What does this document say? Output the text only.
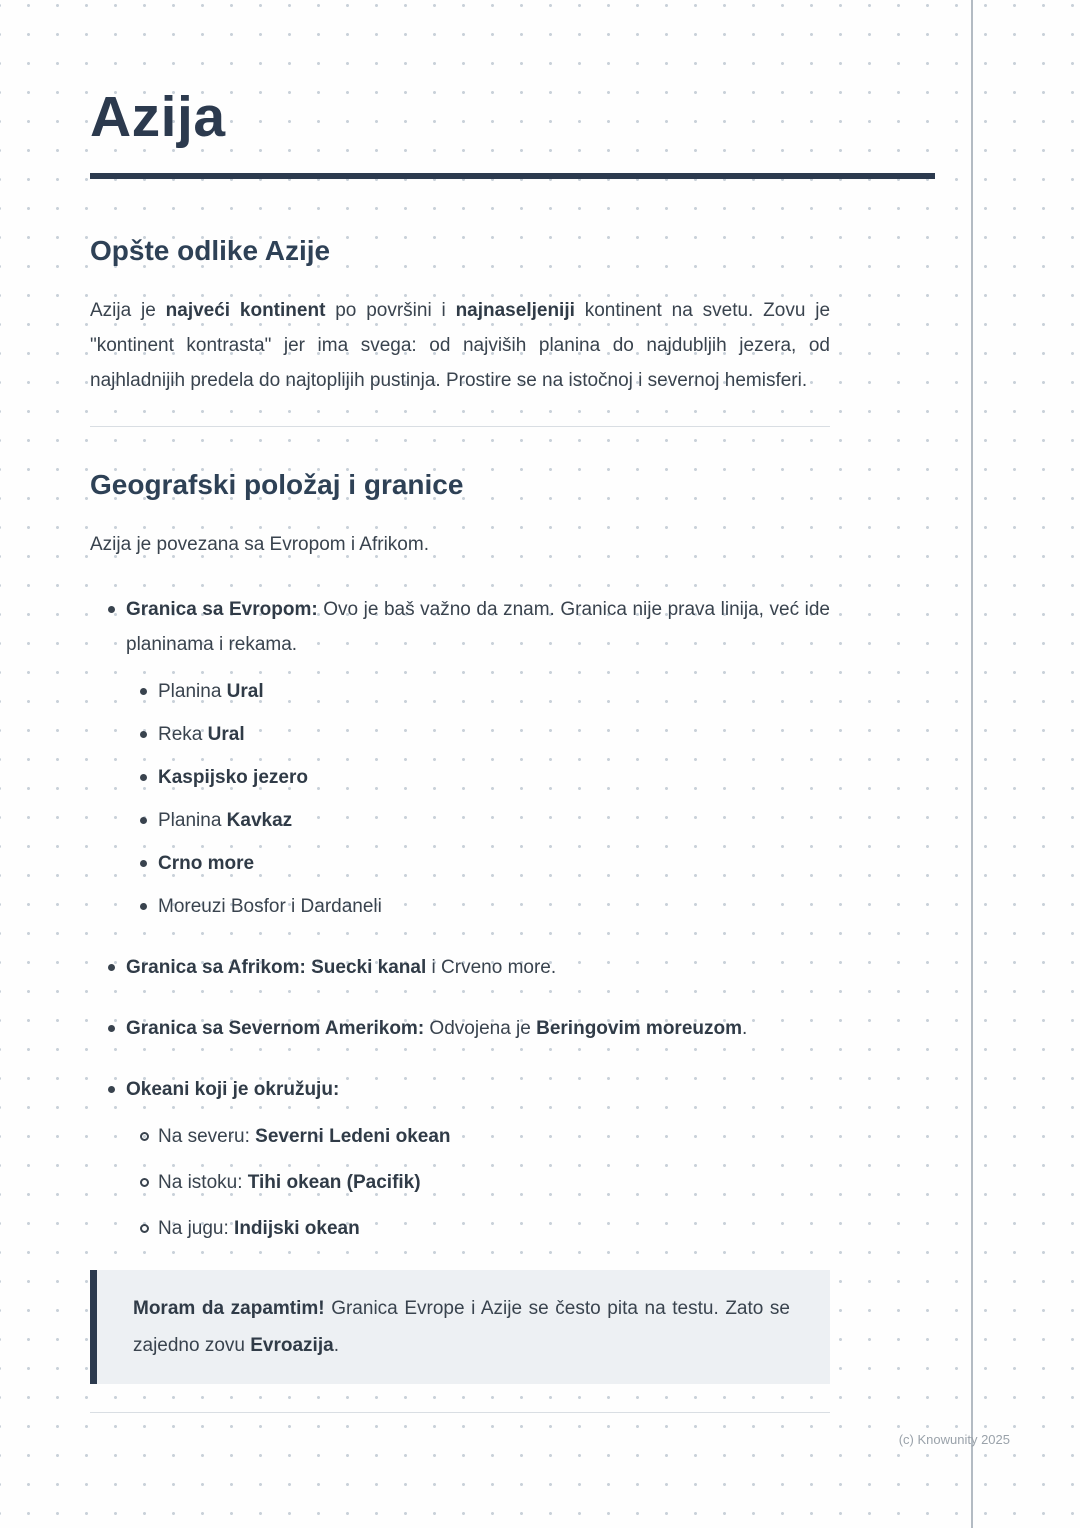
Azija
Opšte odlike Azije

Azija je najveći kontinent po površini i najnaseljeniji kontinent na svetu. Zovu je "kontinent kontrasta" jer ima svega: od najviših planina do najdubljih jezera, od najhladnijih predela do najtoplijih pustinja. Prostire se na istočnoj i severnoj hemisferi.

Geografski položaj i granice

Azija je povezana sa Evropom i Afrikom.

Granica sa Evropom: Ovo je baš važno da znam. Granica nije prava linija, već ide planinama i rekama.
Planina Ural
Reka Ural
Kaspijsko jezero
Planina Kavkaz
Crno more
Moreuzi Bosfor i Dardaneli
Granica sa Afrikom: Suecki kanal i Crveno more.
Granica sa Severnom Amerikom: Odvojena je Beringovim moreuzom.
Okeani koji je okružuju:
Na severu: Severni Ledeni okean
Na istoku: Tihi okean (Pacifik)
Na jugu: Indijski okean

Moram da zapamtim! Granica Evrope i Azije se često pita na testu. Zato se zajedno zovu Evroazija.

(c) Knowunity 2025
